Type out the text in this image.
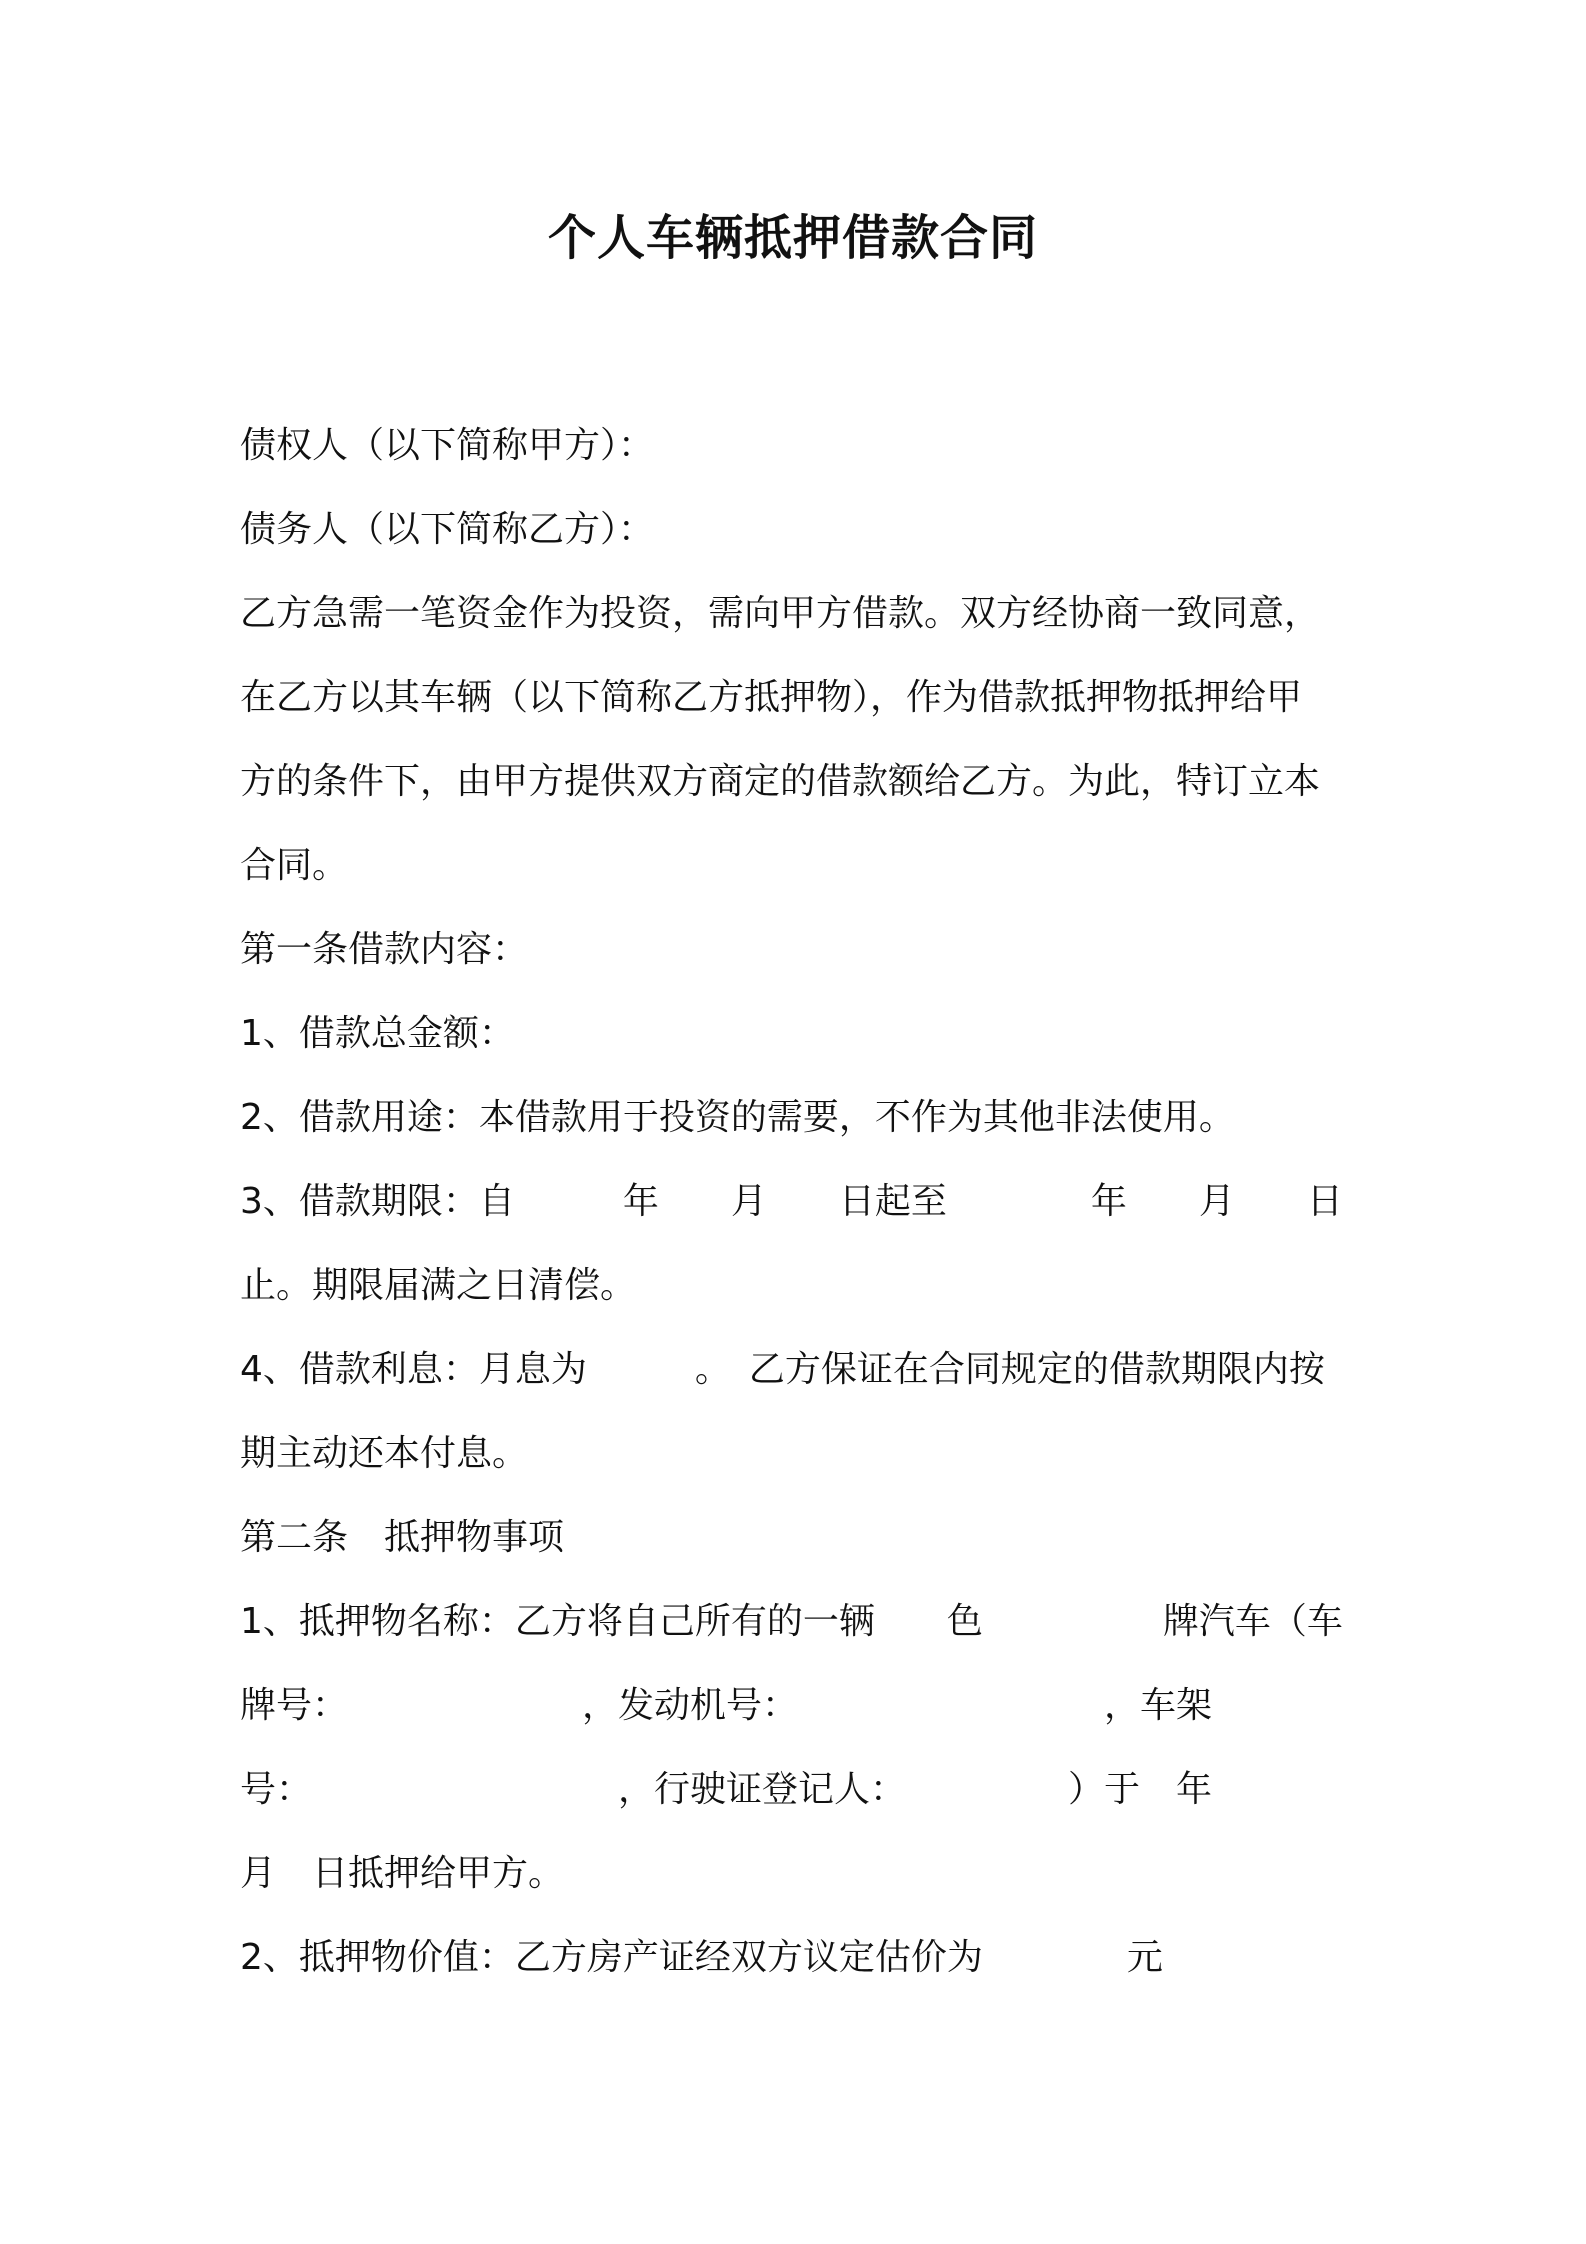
个人车辆抵押借款合同
债权人（以下简称甲方）：
债务人（以下简称乙方）：
乙方急需一笔资金作为投资，需向甲方借款。双方经协商一致同意，
在乙方以其车辆（以下简称乙方抵押物），作为借款抵押物抵押给甲
方的条件下，由甲方提供双方商定的借款额给乙方。为此，特订立本
合同。
第一条借款内容：
1、借款总金额：
2、借款用途：本借款用于投资的需要，不作为其他非法使用。
3、借款期限：自　　　年　　月　　日起至　　　　年　　月　　日
止。期限届满之日清偿。
4、借款利息：月息为　　　。　乙方保证在合同规定的借款期限内按
期主动还本付息。
第二条　抵押物事项
1、抵押物名称：乙方将自己所有的一辆　　色　　　　　牌汽车（车
牌号：　　　　　　　，发动机号：　　　　　　　　　，车架
号：　　　　　　　　　，行驶证登记人：　　　　　）于　年
月　日抵押给甲方。
2、抵押物价值：乙方房产证经双方议定估价为　　　　元
